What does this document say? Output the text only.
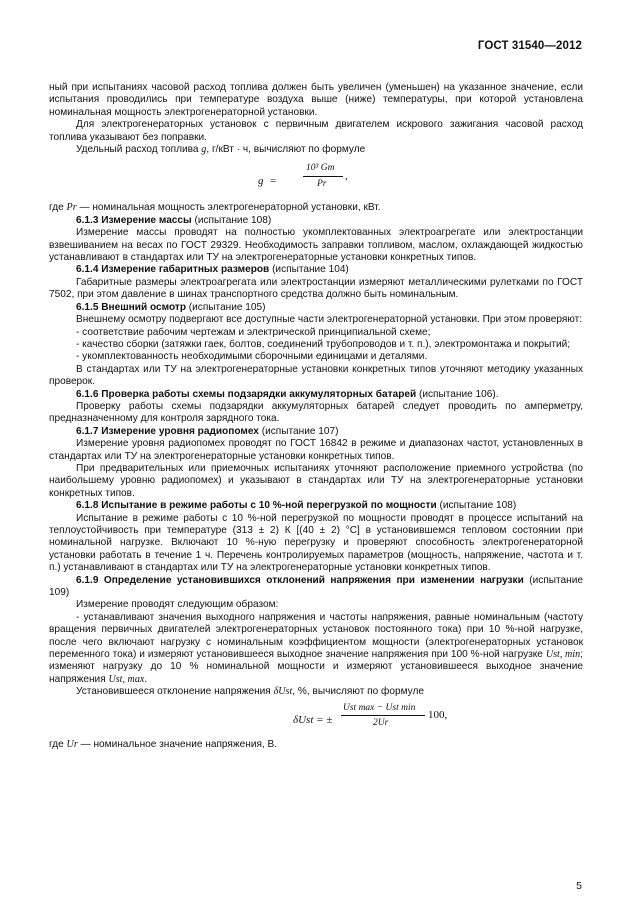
ГОСТ 31540—2012

ный при испытаниях часовой расход топлива должен быть увеличен (уменьшен) на указанное значение, если испытания проводились при температуре воздуха выше (ниже) температуры, при которой установлена номинальная мощность электрогенераторной установки.

Для электрогенераторных установок с первичным двигателем искрового зажигания часовой расход топлива указывают без поправки.

Удельный расход топлива g, г/кВт · ч, вычисляют по формуле

g =
10³ Gт
Pr
,

где Pr — номинальная мощность электрогенераторной установки, кВт.

6.1.3 Измерение массы (испытание 108)

Измерение массы проводят на полностью укомплектованных электроагрегате или электростанции взвешиванием на весах по ГОСТ 29329. Необходимость заправки топливом, маслом, охлаждающей жидкостью устанавливают в стандартах или ТУ на электрогенераторные установки конкретных типов.

6.1.4 Измерение габаритных размеров (испытание 104)

Габаритные размеры электроагрегата или электростанции измеряют металлическими рулетками по ГОСТ 7502, при этом давление в шинах транспортного средства должно быть номинальным.

6.1.5 Внешний осмотр (испытание 105)

Внешнему осмотру подвергают все доступные части электрогенераторной установки. При этом проверяют:

- соответствие рабочим чертежам и электрической принципиальной схеме;

- качество сборки (затяжки гаек, болтов, соединений трубопроводов и т. п.), электромонтажа и покрытий;

- укомплектованность необходимыми сборочными единицами и деталями.

В стандартах или ТУ на электрогенераторные установки конкретных типов уточняют методику указанных проверок.

6.1.6 Проверка работы схемы подзарядки аккумуляторных батарей (испытание 106).

Проверку работы схемы подзарядки аккумуляторных батарей следует проводить по амперметру, предназначенному для контроля зарядного тока.

6.1.7 Измерение уровня радиопомех (испытание 107)

Измерение уровня радиопомех проводят по ГОСТ 16842 в режиме и диапазонах частот, установленных в стандартах или ТУ на электрогенераторные установки конкретных типов.

При предварительных или приемочных испытаниях уточняют расположение приемного устройства (по наибольшему уровню радиопомех) и указывают в стандартах или ТУ на электрогенераторные установки конкретных типов.

6.1.8 Испытание в режиме работы с 10 %-ной перегрузкой по мощности (испытание 108)

Испытание в режиме работы с 10 %-ной перегрузкой по мощности проводят в процессе испытаний на теплоустойчивость при температуре (313 ± 2) К [(40 ± 2) °С] в установившемся тепловом состоянии при номинальной нагрузке. Включают 10 %-ную перегрузку и проверяют способность электрогенераторной установки работать в течение 1 ч. Перечень контролируемых параметров (мощность, напряжение, частота и т. п.) устанавливают в стандартах или ТУ на электрогенераторные установки конкретных типов.

6.1.9 Определение установившихся отклонений напряжения при изменении нагрузки (испытание 109)

Измерение проводят следующим образом:

- устанавливают значения выходного напряжения и частоты напряжения, равные номинальным (частоту вращения первичных двигателей электрогенераторных установок постоянного тока) при 10 %-ной нагрузке, после чего включают нагрузку с номинальным коэффициентом мощности (электрогенераторных установок переменного тока) и измеряют установившееся выходное значение напряжения при 100 %-ной нагрузке Ust, min; изменяют нагрузку до 10 % номинальной мощности и измеряют установившееся выходное значение напряжения Ust, max.

Установившееся отклонение напряжения δUst, %, вычисляют по формуле

δUst = ±
Ust max − Ust min
2Ur
100,

где Ur — номинальное значение напряжения, В.

5
